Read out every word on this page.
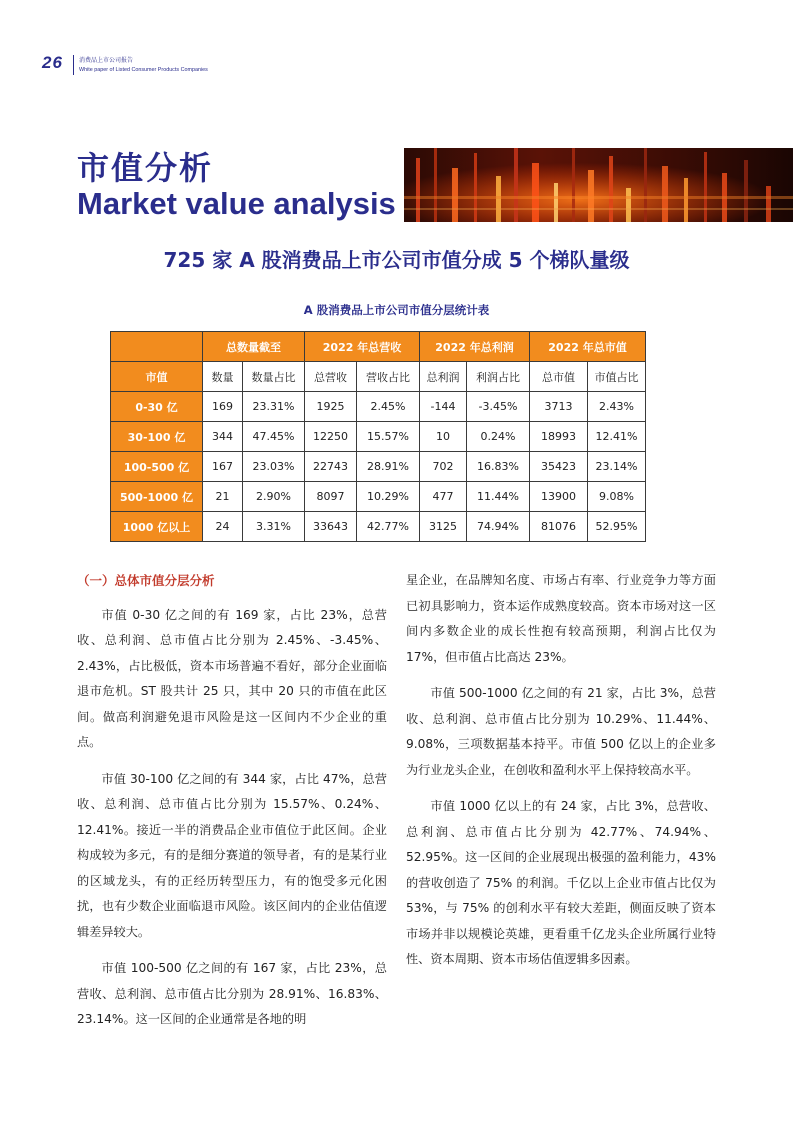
26	消费品上市公司报告
White paper of Listed Consumer Products Companies
市值分析
Market value analysis
725 家 A 股消费品上市公司市值分成 5 个梯队量级
A 股消费品上市公司市值分层统计表
	总数量截至		2022 年总营收		2022 年总利润		2022 年总市值	
市值	数量	数量占比	总营收	营收占比	总利润	利润占比	总市值	市值占比
0-30 亿	169	23.31%	1925	2.45%	-144	-3.45%	3713	2.43%
30-100 亿	344	47.45%	12250	15.57%	10	0.24%	18993	12.41%
100-500 亿	167	23.03%	22743	28.91%	702	16.83%	35423	23.14%
500-1000 亿	21	2.90%	8097	10.29%	477	11.44%	13900	9.08%
1000 亿以上	24	3.31%	33643	42.77%	3125	74.94%	81076	52.95%
（一）总体市值分层分析

市值 0-30 亿之间的有 169 家，占比 23%，总营收、总利润、总市值占比分别为 2.45%、-3.45%、2.43%，占比极低，资本市场普遍不看好，部分企业面临退市危机。ST 股共计 25 只，其中 20 只的市值在此区间。做高利润避免退市风险是这一区间内不少企业的重点。

市值 30-100 亿之间的有 344 家，占比 47%，总营收、总利润、总市值占比分别为 15.57%、0.24%、12.41%。接近一半的消费品企业市值位于此区间。企业构成较为多元，有的是细分赛道的领导者，有的是某行业的区域龙头，有的正经历转型压力，有的饱受多元化困扰，也有少数企业面临退市风险。该区间内的企业估值逻辑差异较大。

市值 100-500 亿之间的有 167 家，占比 23%，总营收、总利润、总市值占比分别为 28.91%、16.83%、23.14%。这一区间的企业通常是各地的明

星企业，在品牌知名度、市场占有率、行业竞争力等方面已初具影响力，资本运作成熟度较高。资本市场对这一区间内多数企业的成长性抱有较高预期，利润占比仅为 17%，但市值占比高达 23%。

市值 500-1000 亿之间的有 21 家，占比 3%，总营收、总利润、总市值占比分别为 10.29%、11.44%、9.08%，三项数据基本持平。市值 500 亿以上的企业多为行业龙头企业，在创收和盈利水平上保持较高水平。

市值 1000 亿以上的有 24 家，占比 3%，总营收、总利润、总市值占比分别为 42.77%、74.94%、52.95%。这一区间的企业展现出极强的盈利能力，43% 的营收创造了 75% 的利润。千亿以上企业市值占比仅为 53%，与 75% 的创利水平有较大差距，侧面反映了资本市场并非以规模论英雄，更看重千亿龙头企业所属行业特性、资本周期、资本市场估值逻辑多因素。
